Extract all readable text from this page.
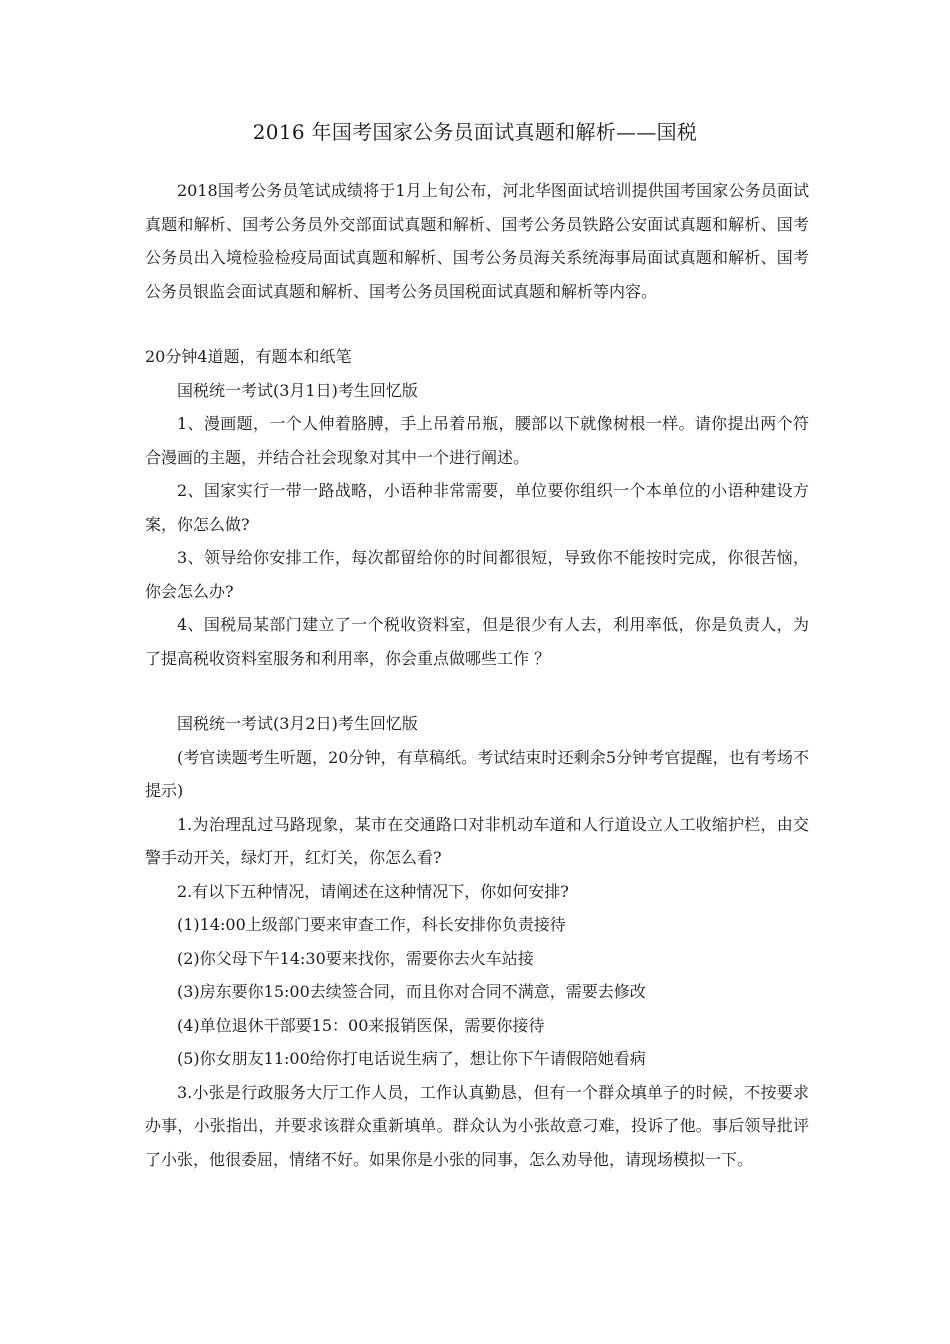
2016 年国考国家公务员面试真题和解析——国税

2018国考公务员笔试成绩将于1月上旬公布，河北华图面试培训提供国考国家公务员面试真题和解析、国考公务员外交部面试真题和解析、国考公务员铁路公安面试真题和解析、国考公务员出入境检验检疫局面试真题和解析、国考公务员海关系统海事局面试真题和解析、国考公务员银监会面试真题和解析、国考公务员国税面试真题和解析等内容。

20分钟4道题，有题本和纸笔

国税统一考试(3月1日)考生回忆版

1、漫画题，一个人伸着胳膊，手上吊着吊瓶，腰部以下就像树根一样。请你提出两个符合漫画的主题，并结合社会现象对其中一个进行阐述。

2、国家实行一带一路战略，小语种非常需要，单位要你组织一个本单位的小语种建设方案，你怎么做?

3、领导给你安排工作，每次都留给你的时间都很短，导致你不能按时完成，你很苦恼，你会怎么办?

4、国税局某部门建立了一个税收资料室，但是很少有人去，利用率低，你是负责人，为了提高税收资料室服务和利用率，你会重点做哪些工作 ？

国税统一考试(3月2日)考生回忆版

(考官读题考生听题，20分钟，有草稿纸。考试结束时还剩余5分钟考官提醒，也有考场不提示)

1.为治理乱过马路现象，某市在交通路口对非机动车道和人行道设立人工收缩护栏，由交警手动开关，绿灯开，红灯关，你怎么看?

2.有以下五种情况，请阐述在这种情况下，你如何安排?

(1)14:00上级部门要来审查工作，科长安排你负责接待

(2)你父母下午14:30要来找你，需要你去火车站接

(3)房东要你15:00去续签合同，而且你对合同不满意，需要去修改

(4)单位退休干部要15：00来报销医保，需要你接待

(5)你女朋友11:00给你打电话说生病了，想让你下午请假陪她看病

3.小张是行政服务大厅工作人员，工作认真勤恳，但有一个群众填单子的时候，不按要求办事，小张指出，并要求该群众重新填单。群众认为小张故意刁难，投诉了他。事后领导批评了小张，他很委屈，情绪不好。如果你是小张的同事，怎么劝导他，请现场模拟一下。
